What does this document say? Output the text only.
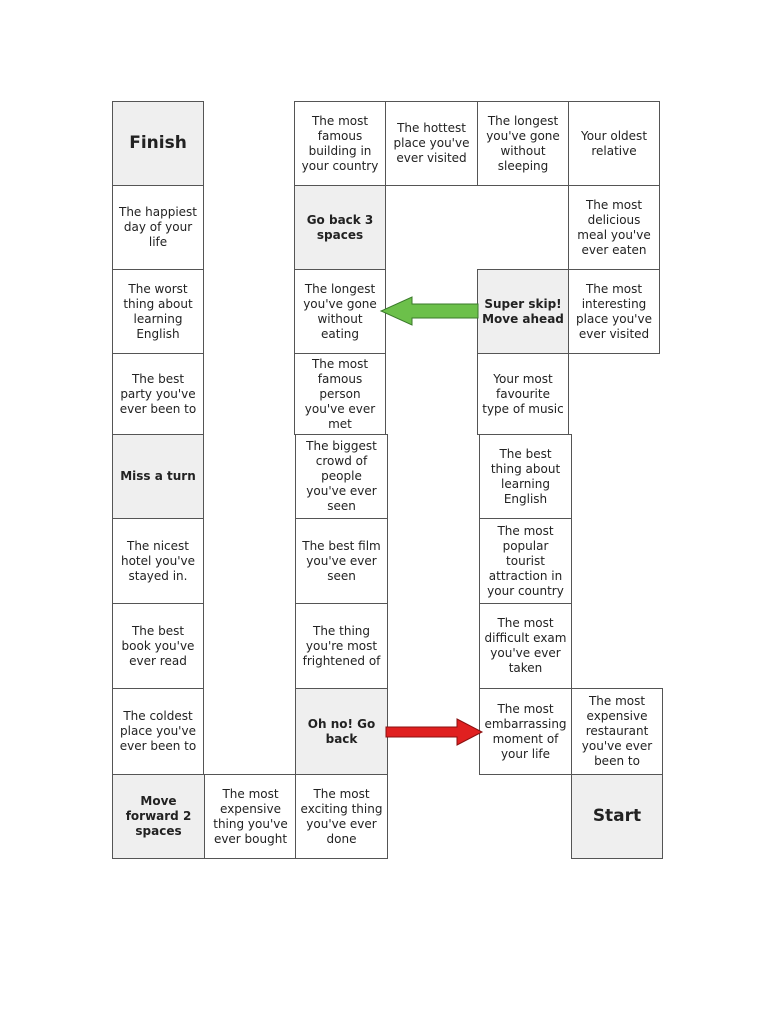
Finish
The happiest day of your life
The worst thing about learning English
The best party you've ever been to
Miss a turn
The nicest hotel you've stayed in.
The best book you've ever read
The coldest place you've ever been to
Move forward 2 spaces
The most expensive thing you've ever bought
The most famous building in your country
Go back 3 spaces
The longest you've gone without eating
The most famous person you've ever met
The biggest crowd of people you've ever seen
The best film you've ever seen
The thing you're most frightened of
Oh no! Go back
The most exciting thing you've ever done
The hottest place you've ever visited
The longest you've gone without sleeping
Your oldest relative
The most delicious meal you've ever eaten
The most interesting place you've ever visited
Super skip! Move ahead
Your most favourite type of music
The best thing about learning English
The most popular tourist attraction in your country
The most difficult exam you've ever taken
The most embarrassing moment of your life
The most expensive restaurant you've ever been to
Start
